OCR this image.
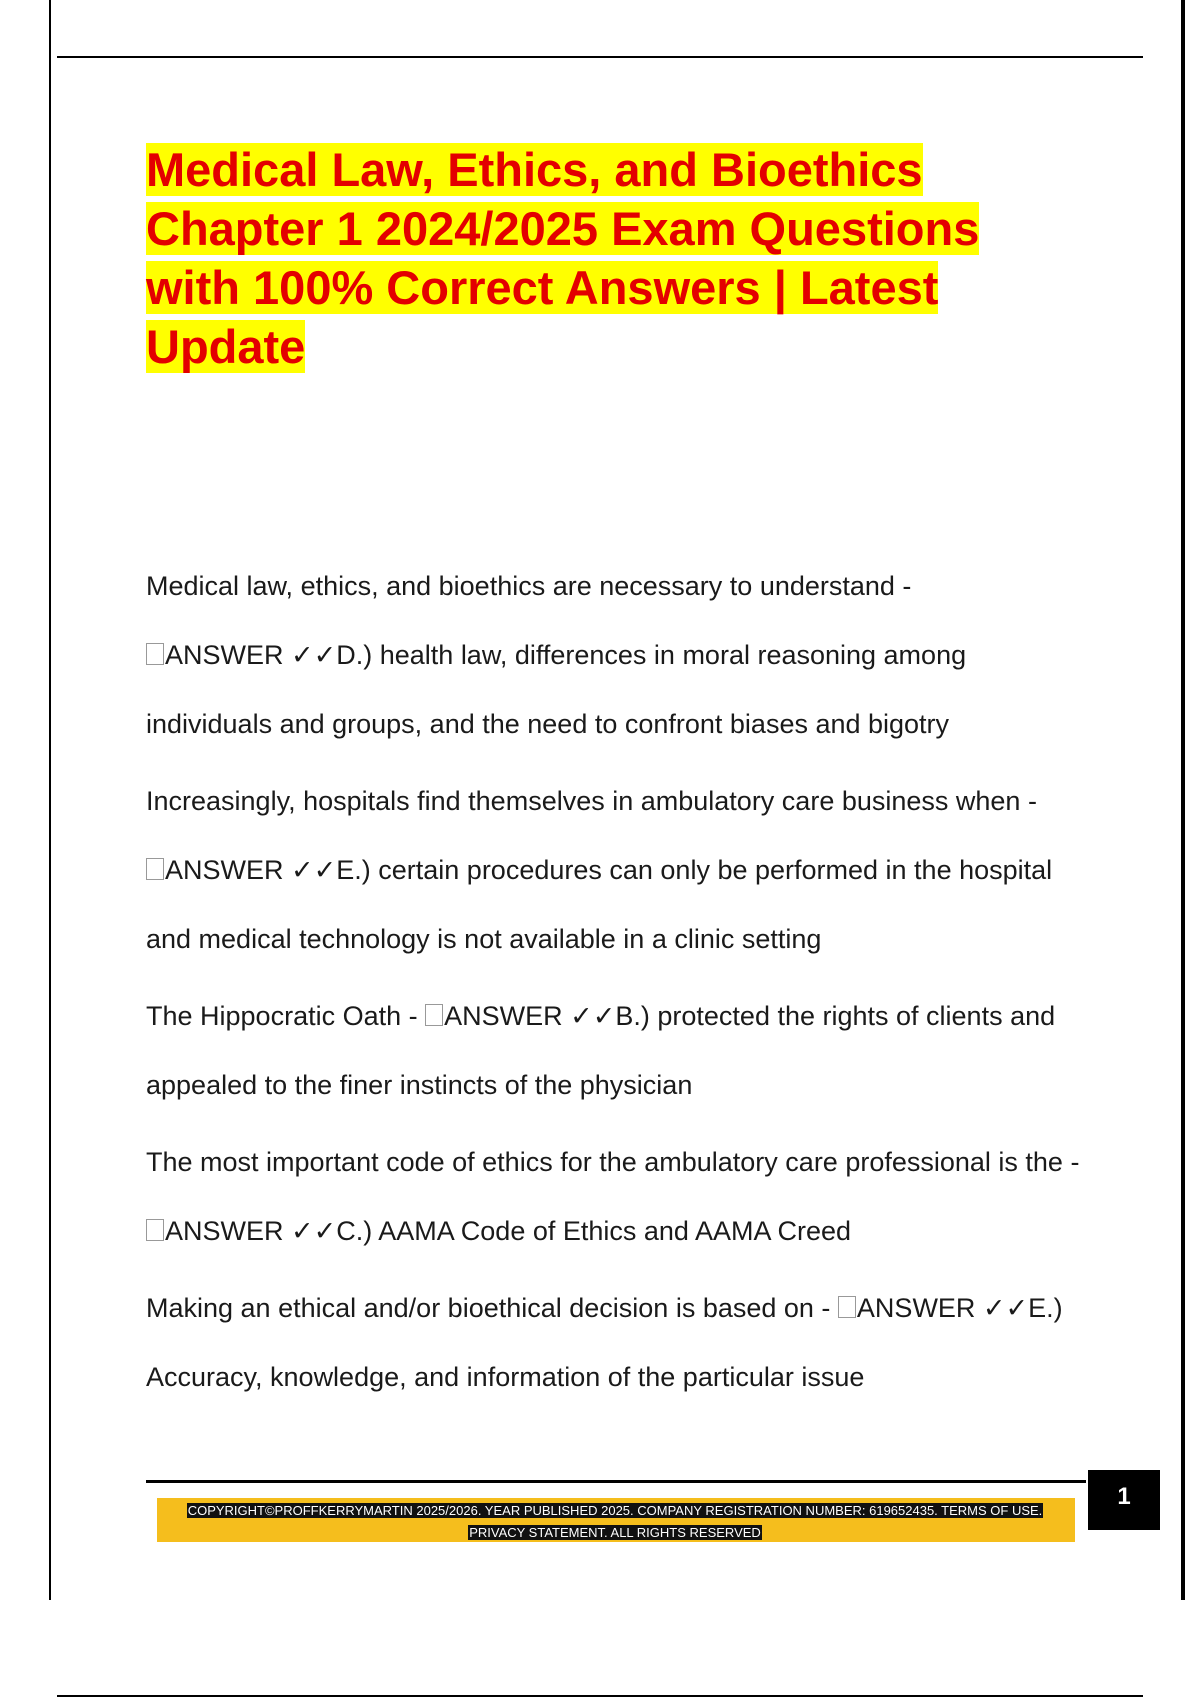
Medical Law, Ethics, and Bioethics
Chapter 1 2024/2025 Exam Questions
with 100% Correct Answers | Latest
Update

Medical law, ethics, and bioethics are necessary to understand -
ANSWER ✓✓D.) health law, differences in moral reasoning among individuals and groups, and the need to confront biases and bigotry

Increasingly, hospitals find themselves in ambulatory care business when -
ANSWER ✓✓E.) certain procedures can only be performed in the hospital and medical technology is not available in a clinic setting

The Hippocratic Oath - ANSWER ✓✓B.) protected the rights of clients and appealed to the finer instincts of the physician

The most important code of ethics for the ambulatory care professional is the - ANSWER ✓✓C.) AAMA Code of Ethics and AAMA Creed

Making an ethical and/or bioethical decision is based on - ANSWER ✓✓E.) Accuracy, knowledge, and information of the particular issue

COPYRIGHT©PROFFKERRYMARTIN 2025/2026. YEAR PUBLISHED 2025. COMPANY REGISTRATION NUMBER: 619652435. TERMS OF USE.
PRIVACY STATEMENT. ALL RIGHTS RESERVED
1
